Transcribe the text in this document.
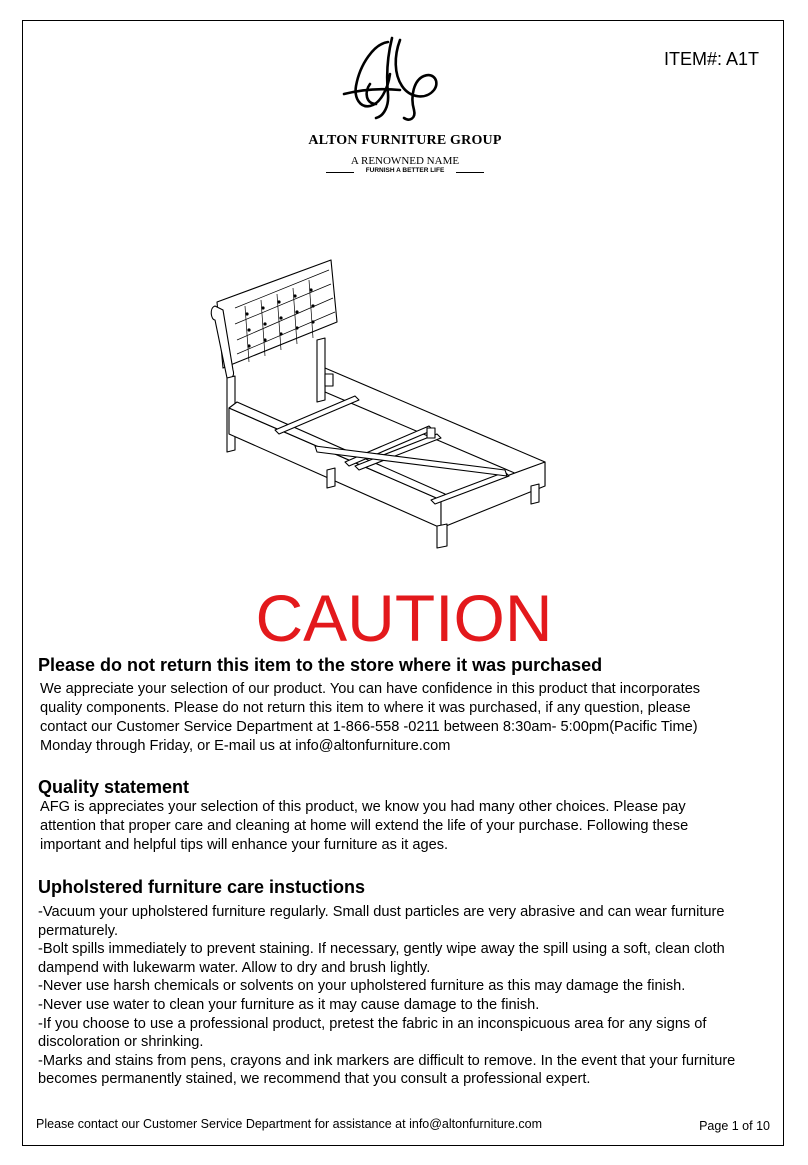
ITEM#: A1T
AF
ALTON FURNITURE GROUP
A RENOWNED NAME
FURNISH A BETTER LIFE
CAUTION
Please do not return this item to the store where it was purchased
We appreciate your selection of our product. You can have confidence in this product that incorporates
quality components. Please do not return this item to where it was purchased, if any question, please
contact our Customer Service Department at 1-866-558 -0211 between 8:30am- 5:00pm(Pacific Time)
Monday through Friday, or E-mail us at info@altonfurniture.com
Quality statement
AFG is appreciates your selection of this product, we know you had many other choices. Please pay
attention that proper care and cleaning at home will extend the life of your purchase. Following these
important and helpful tips will enhance your furniture as it ages.
Upholstered furniture care instuctions

-Vacuum your upholstered furniture regularly. Small dust particles are very abrasive and can wear furniture permaturely.

-Bolt spills immediately to prevent staining. If necessary, gently wipe away the spill using a soft, clean cloth dampend with lukewarm water. Allow to dry and brush lightly.

-Never use harsh chemicals or solvents on your upholstered furniture as this may damage the finish.

-Never use water to clean your furniture as it may cause damage to the finish.

-If you choose to use a professional product, pretest the fabric in an inconspicuous area for any signs of discoloration or shrinking.

-Marks and stains from pens, crayons and ink markers are difficult to remove. In the event that your furniture becomes permanently stained, we recommend that you consult a professional expert.

Please contact our Customer Service Department for assistance at info@altonfurniture.com	Page 1 of 10
